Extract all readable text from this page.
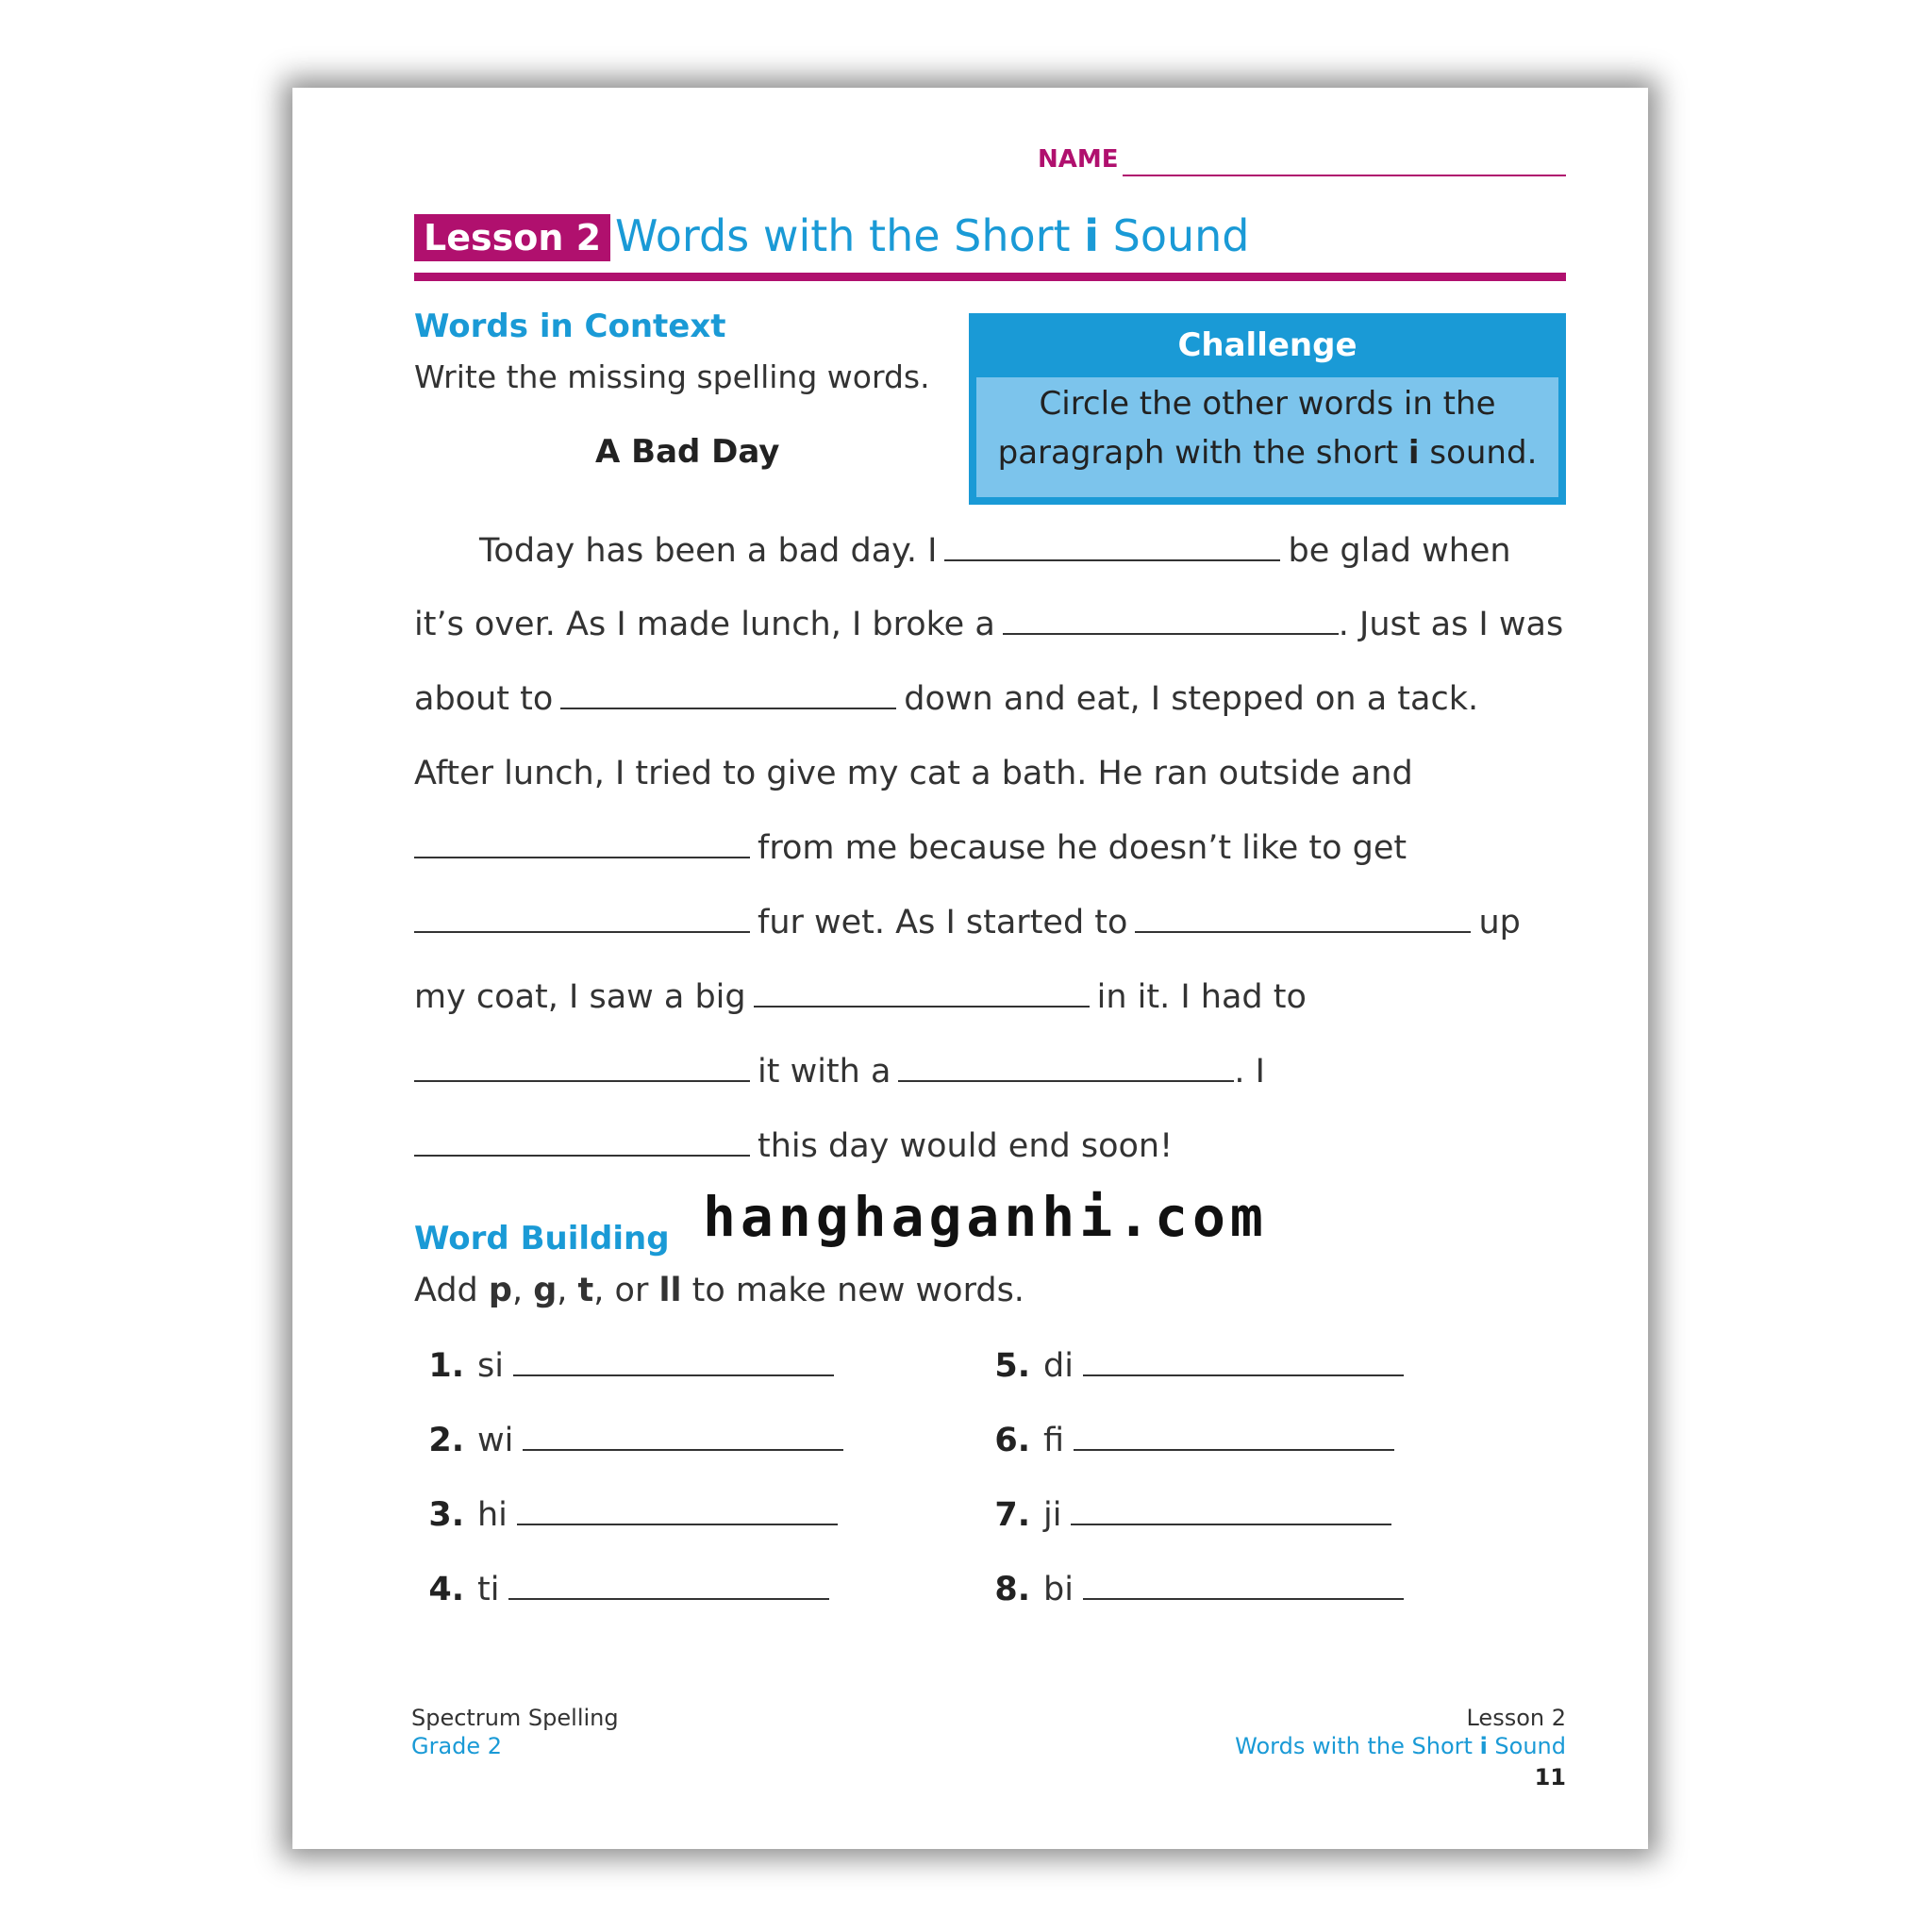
NAME
Lesson 2 Words with the Short i Sound
Words in Context
Write the missing spelling words.
A Bad Day
Challenge
Circle the other words in the
paragraph with the short i sound.
Today has been a bad day. I	be glad when
it’s over. As I made lunch, I broke a	. Just as I was
about to	down and eat, I stepped on a tack.
After lunch, I tried to give my cat a bath. He ran outside and
from me because he doesn’t like to get
fur wet. As I started to	up
my coat, I saw a big	in it. I had to
it with a	. I
this day would end soon!
hanghaganhi.com
Word Building
Add p, g, t, or ll to make new words.
1. si
2. wi
3. hi
4. ti
5. di
6. fi
7. ji
8. bi
Spectrum Spelling
Grade 2
Lesson 2
Words with the Short i Sound
11
